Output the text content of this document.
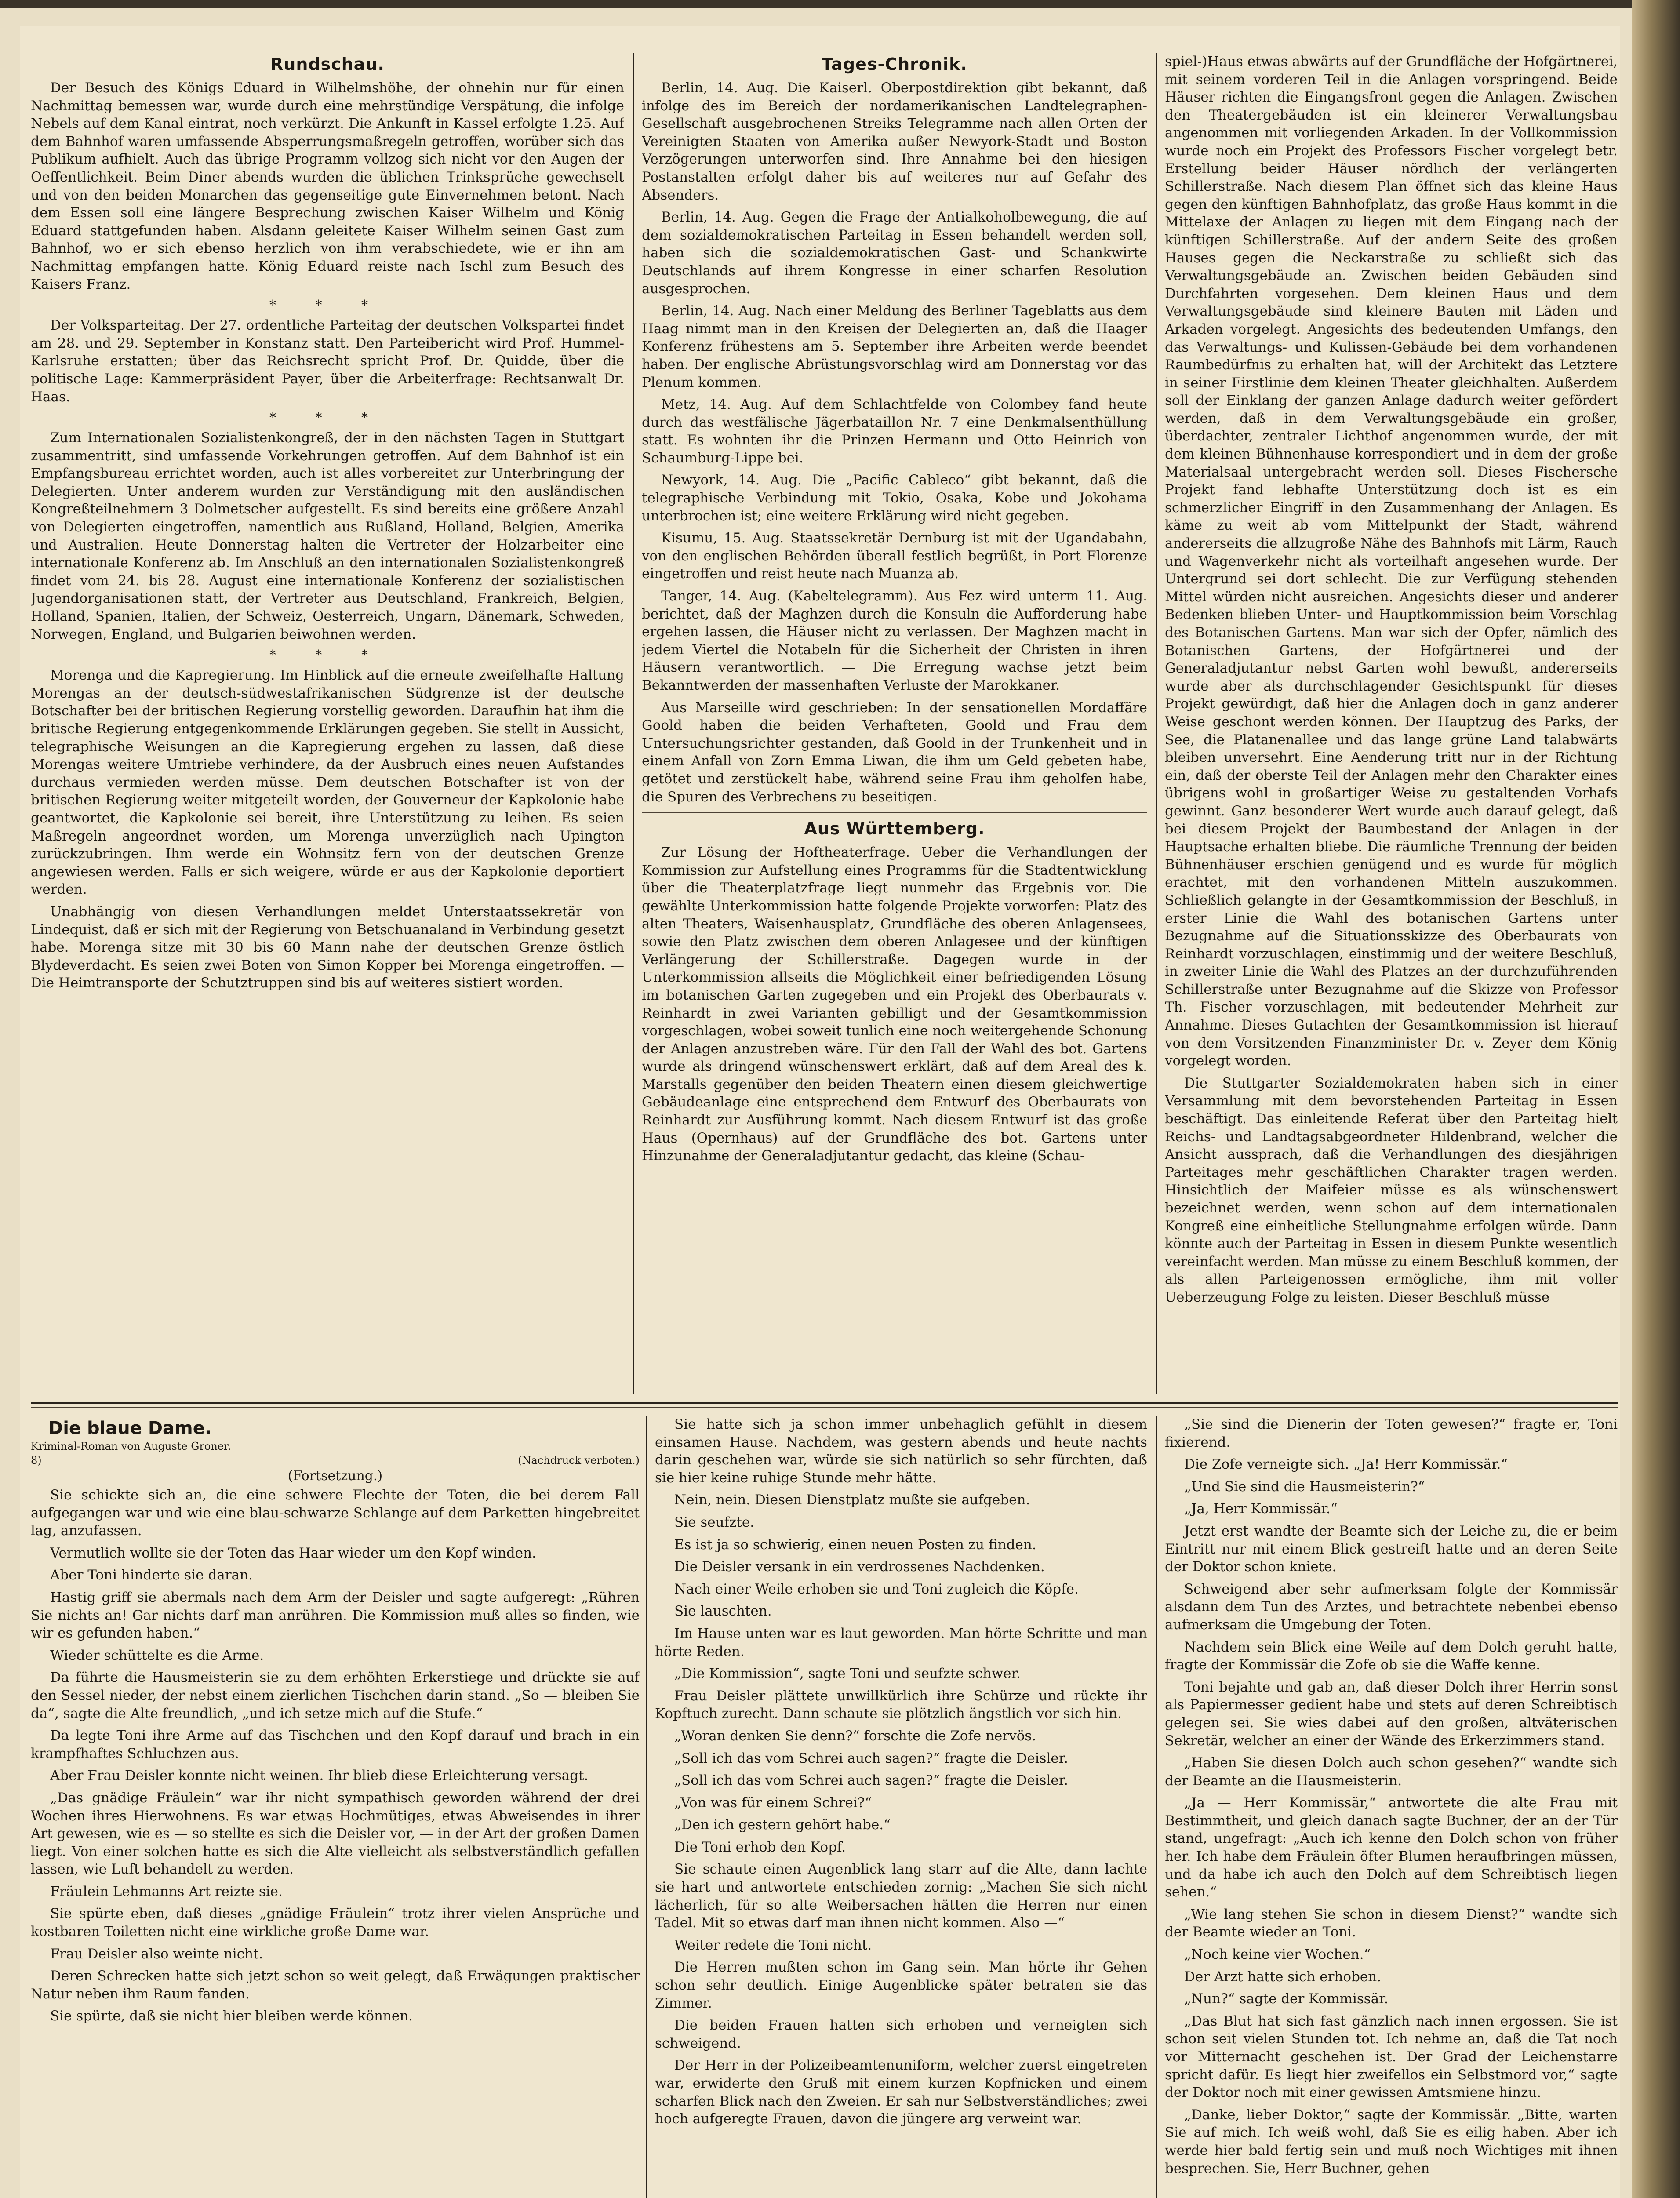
Rundschau.

Der Besuch des Königs Eduard in Wilhelmshöhe, der ohnehin nur für einen Nachmittag bemessen war, wurde durch eine mehrstündige Verspätung, die infolge Nebels auf dem Kanal eintrat, noch verkürzt. Die Ankunft in Kassel erfolgte 1.25. Auf dem Bahnhof waren umfassende Absperrungsmaßregeln getroffen, worüber sich das Publikum aufhielt. Auch das übrige Programm vollzog sich nicht vor den Augen der Oeffentlichkeit. Beim Diner abends wurden die üblichen Trinksprüche gewechselt und von den beiden Monarchen das gegenseitige gute Einvernehmen betont. Nach dem Essen soll eine längere Besprechung zwischen Kaiser Wilhelm und König Eduard stattgefunden haben. Alsdann geleitete Kaiser Wilhelm seinen Gast zum Bahnhof, wo er sich ebenso herzlich von ihm verabschiedete, wie er ihn am Nachmittag empfangen hatte. König Eduard reiste nach Ischl zum Besuch des Kaisers Franz.

* * *

Der Volksparteitag. Der 27. ordentliche Parteitag der deutschen Volkspartei findet am 28. und 29. September in Konstanz statt. Den Parteibericht wird Prof. Hummel-Karlsruhe erstatten; über das Reichsrecht spricht Prof. Dr. Quidde, über die politische Lage: Kammerpräsident Payer, über die Arbeiterfrage: Rechtsanwalt Dr. Haas.

* * *

Zum Internationalen Sozialistenkongreß, der in den nächsten Tagen in Stuttgart zusammentritt, sind umfassende Vorkehrungen getroffen. Auf dem Bahnhof ist ein Empfangsbureau errichtet worden, auch ist alles vorbereitet zur Unterbringung der Delegierten. Unter anderem wurden zur Verständigung mit den ausländischen Kongreßteilnehmern 3 Dolmetscher aufgestellt. Es sind bereits eine größere Anzahl von Delegierten eingetroffen, namentlich aus Rußland, Holland, Belgien, Amerika und Australien. Heute Donnerstag halten die Vertreter der Holzarbeiter eine internationale Konferenz ab. Im Anschluß an den internationalen Sozialistenkongreß findet vom 24. bis 28. August eine internationale Konferenz der sozialistischen Jugendorganisationen statt, der Vertreter aus Deutschland, Frankreich, Belgien, Holland, Spanien, Italien, der Schweiz, Oesterreich, Ungarn, Dänemark, Schweden, Norwegen, England, und Bulgarien beiwohnen werden.

* * *

Morenga und die Kapregierung. Im Hinblick auf die erneute zweifelhafte Haltung Morengas an der deutsch-südwestafrikanischen Südgrenze ist der deutsche Botschafter bei der britischen Regierung vorstellig geworden. Daraufhin hat ihm die britische Regierung entgegenkommende Erklärungen gegeben. Sie stellt in Aussicht, telegraphische Weisungen an die Kapregierung ergehen zu lassen, daß diese Morengas weitere Umtriebe verhindere, da der Ausbruch eines neuen Aufstandes durchaus vermieden werden müsse. Dem deutschen Botschafter ist von der britischen Regierung weiter mitgeteilt worden, der Gouverneur der Kapkolonie habe geantwortet, die Kapkolonie sei bereit, ihre Unterstützung zu leihen. Es seien Maßregeln angeordnet worden, um Morenga unverzüglich nach Upington zurückzubringen. Ihm werde ein Wohnsitz fern von der deutschen Grenze angewiesen werden. Falls er sich weigere, würde er aus der Kapkolonie deportiert werden.

Unabhängig von diesen Verhandlungen meldet Unterstaatssekretär von Lindequist, daß er sich mit der Regierung von Betschuanaland in Verbindung gesetzt habe. Morenga sitze mit 30 bis 60 Mann nahe der deutschen Grenze östlich Blydeverdacht. Es seien zwei Boten von Simon Kopper bei Morenga eingetroffen. — Die Heimtransporte der Schutztruppen sind bis auf weiteres sistiert worden.

Tages-Chronik.

Berlin, 14. Aug. Die Kaiserl. Oberpostdirektion gibt bekannt, daß infolge des im Bereich der nordamerikanischen Landtelegraphen-Gesellschaft ausgebrochenen Streiks Telegramme nach allen Orten der Vereinigten Staaten von Amerika außer Newyork-Stadt und Boston Verzögerungen unterworfen sind. Ihre Annahme bei den hiesigen Postanstalten erfolgt daher bis auf weiteres nur auf Gefahr des Absenders.

Berlin, 14. Aug. Gegen die Frage der Antialkoholbewegung, die auf dem sozialdemokratischen Parteitag in Essen behandelt werden soll, haben sich die sozialdemokratischen Gast- und Schankwirte Deutschlands auf ihrem Kongresse in einer scharfen Resolution ausgesprochen.

Berlin, 14. Aug. Nach einer Meldung des Berliner Tageblatts aus dem Haag nimmt man in den Kreisen der Delegierten an, daß die Haager Konferenz frühestens am 5. September ihre Arbeiten werde beendet haben. Der englische Abrüstungsvorschlag wird am Donnerstag vor das Plenum kommen.

Metz, 14. Aug. Auf dem Schlachtfelde von Colombey fand heute durch das westfälische Jägerbataillon Nr. 7 eine Denkmalsenthüllung statt. Es wohnten ihr die Prinzen Hermann und Otto Heinrich von Schaumburg-Lippe bei.

Newyork, 14. Aug. Die „Pacific Cableco“ gibt bekannt, daß die telegraphische Verbindung mit Tokio, Osaka, Kobe und Jokohama unterbrochen ist; eine weitere Erklärung wird nicht gegeben.

Kisumu, 15. Aug. Staatssekretär Dernburg ist mit der Ugandabahn, von den englischen Behörden überall festlich begrüßt, in Port Florenze eingetroffen und reist heute nach Muanza ab.

Tanger, 14. Aug. (Kabeltelegramm). Aus Fez wird unterm 11. Aug. berichtet, daß der Maghzen durch die Konsuln die Aufforderung habe ergehen lassen, die Häuser nicht zu verlassen. Der Maghzen macht in jedem Viertel die Notabeln für die Sicherheit der Christen in ihren Häusern verantwortlich. — Die Erregung wachse jetzt beim Bekanntwerden der massenhaften Verluste der Marokkaner.

Aus Marseille wird geschrieben: In der sensationellen Mordaffäre Goold haben die beiden Verhafteten, Goold und Frau dem Untersuchungsrichter gestanden, daß Goold in der Trunkenheit und in einem Anfall von Zorn Emma Liwan, die ihm um Geld gebeten habe, getötet und zerstückelt habe, während seine Frau ihm geholfen habe, die Spuren des Verbrechens zu beseitigen.

Aus Württemberg.

Zur Lösung der Hoftheaterfrage. Ueber die Verhandlungen der Kommission zur Aufstellung eines Programms für die Stadtentwicklung über die Theaterplatzfrage liegt nunmehr das Ergebnis vor. Die gewählte Unterkommission hatte folgende Projekte vorworfen: Platz des alten Theaters, Waisenhausplatz, Grundfläche des oberen Anlagensees, sowie den Platz zwischen dem oberen Anlagesee und der künftigen Verlängerung der Schillerstraße. Dagegen wurde in der Unterkommission allseits die Möglichkeit einer befriedigenden Lösung im botanischen Garten zugegeben und ein Projekt des Oberbaurats v. Reinhardt in zwei Varianten gebilligt und der Gesamtkommission vorgeschlagen, wobei soweit tunlich eine noch weitergehende Schonung der Anlagen anzustreben wäre. Für den Fall der Wahl des bot. Gartens wurde als dringend wünschenswert erklärt, daß auf dem Areal des k. Marstalls gegenüber den beiden Theatern einen diesem gleichwertige Gebäudeanlage eine entsprechend dem Entwurf des Oberbaurats von Reinhardt zur Ausführung kommt. Nach diesem Entwurf ist das große Haus (Opernhaus) auf der Grundfläche des bot. Gartens unter Hinzunahme der Generaladjutantur gedacht, das kleine (Schau-

spiel-)Haus etwas abwärts auf der Grundfläche der Hofgärtnerei, mit seinem vorderen Teil in die Anlagen vorspringend. Beide Häuser richten die Eingangsfront gegen die Anlagen. Zwischen den Theatergebäuden ist ein kleinerer Verwaltungsbau angenommen mit vorliegenden Arkaden. In der Vollkommission wurde noch ein Projekt des Professors Fischer vorgelegt betr. Erstellung beider Häuser nördlich der verlängerten Schillerstraße. Nach diesem Plan öffnet sich das kleine Haus gegen den künftigen Bahnhofplatz, das große Haus kommt in die Mittelaxe der Anlagen zu liegen mit dem Eingang nach der künftigen Schillerstraße. Auf der andern Seite des großen Hauses gegen die Neckarstraße zu schließt sich das Verwaltungsgebäude an. Zwischen beiden Gebäuden sind Durchfahrten vorgesehen. Dem kleinen Haus und dem Verwaltungsgebäude sind kleinere Bauten mit Läden und Arkaden vorgelegt. Angesichts des bedeutenden Umfangs, den das Verwaltungs- und Kulissen-Gebäude bei dem vorhandenen Raumbedürfnis zu erhalten hat, will der Architekt das Letztere in seiner Firstlinie dem kleinen Theater gleichhalten. Außerdem soll der Einklang der ganzen Anlage dadurch weiter gefördert werden, daß in dem Verwaltungsgebäude ein großer, überdachter, zentraler Lichthof angenommen wurde, der mit dem kleinen Bühnenhause korrespondiert und in dem der große Materialsaal untergebracht werden soll. Dieses Fischersche Projekt fand lebhafte Unterstützung doch ist es ein schmerzlicher Eingriff in den Zusammenhang der Anlagen. Es käme zu weit ab vom Mittelpunkt der Stadt, während andererseits die allzugroße Nähe des Bahnhofs mit Lärm, Rauch und Wagenverkehr nicht als vorteilhaft angesehen wurde. Der Untergrund sei dort schlecht. Die zur Verfügung stehenden Mittel würden nicht ausreichen. Angesichts dieser und anderer Bedenken blieben Unter- und Hauptkommission beim Vorschlag des Botanischen Gartens. Man war sich der Opfer, nämlich des Botanischen Gartens, der Hofgärtnerei und der Generaladjutantur nebst Garten wohl bewußt, andererseits wurde aber als durchschlagender Gesichtspunkt für dieses Projekt gewürdigt, daß hier die Anlagen doch in ganz anderer Weise geschont werden können. Der Hauptzug des Parks, der See, die Platanenallee und das lange grüne Land talabwärts bleiben unversehrt. Eine Aenderung tritt nur in der Richtung ein, daß der oberste Teil der Anlagen mehr den Charakter eines übrigens wohl in großartiger Weise zu gestaltenden Vorhafs gewinnt. Ganz besonderer Wert wurde auch darauf gelegt, daß bei diesem Projekt der Baumbestand der Anlagen in der Hauptsache erhalten bliebe. Die räumliche Trennung der beiden Bühnenhäuser erschien genügend und es wurde für möglich erachtet, mit den vorhandenen Mitteln auszukommen. Schließlich gelangte in der Gesamtkommission der Beschluß, in erster Linie die Wahl des botanischen Gartens unter Bezugnahme auf die Situationsskizze des Oberbaurats von Reinhardt vorzuschlagen, einstimmig und der weitere Beschluß, in zweiter Linie die Wahl des Platzes an der durchzuführenden Schillerstraße unter Bezugnahme auf die Skizze von Professor Th. Fischer vorzuschlagen, mit bedeutender Mehrheit zur Annahme. Dieses Gutachten der Gesamtkommission ist hierauf von dem Vorsitzenden Finanzminister Dr. v. Zeyer dem König vorgelegt worden.

Die Stuttgarter Sozialdemokraten haben sich in einer Versammlung mit dem bevorstehenden Parteitag in Essen beschäftigt. Das einleitende Referat über den Parteitag hielt Reichs- und Landtagsabgeordneter Hildenbrand, welcher die Ansicht aussprach, daß die Verhandlungen des diesjährigen Parteitages mehr geschäftlichen Charakter tragen werden. Hinsichtlich der Maifeier müsse es als wünschenswert bezeichnet werden, wenn schon auf dem internationalen Kongreß eine einheitliche Stellungnahme erfolgen würde. Dann könnte auch der Parteitag in Essen in diesem Punkte wesentlich vereinfacht werden. Man müsse zu einem Beschluß kommen, der als allen Parteigenossen ermögliche, ihm mit voller Ueberzeugung Folge zu leisten. Dieser Beschluß müsse

Die blaue Dame.
Kriminal-Roman von Auguste Groner.
8)	(Nachdruck verboten.)
(Fortsetzung.)

Sie schickte sich an, die eine schwere Flechte der Toten, die bei derem Fall aufgegangen war und wie eine blau-schwarze Schlange auf dem Parketten hingebreitet lag, anzufassen.

Vermutlich wollte sie der Toten das Haar wieder um den Kopf winden.

Aber Toni hinderte sie daran.

Hastig griff sie abermals nach dem Arm der Deisler und sagte aufgeregt: „Rühren Sie nichts an! Gar nichts darf man anrühren. Die Kommission muß alles so finden, wie wir es gefunden haben.“

Wieder schüttelte es die Arme.

Da führte die Hausmeisterin sie zu dem erhöhten Erkerstiege und drückte sie auf den Sessel nieder, der nebst einem zierlichen Tischchen darin stand. „So — bleiben Sie da“, sagte die Alte freundlich, „und ich setze mich auf die Stufe.“

Da legte Toni ihre Arme auf das Tischchen und den Kopf darauf und brach in ein krampfhaftes Schluchzen aus.

Aber Frau Deisler konnte nicht weinen. Ihr blieb diese Erleichterung versagt.

„Das gnädige Fräulein“ war ihr nicht sympathisch geworden während der drei Wochen ihres Hierwohnens. Es war etwas Hochmütiges, etwas Abweisendes in ihrer Art gewesen, wie es — so stellte es sich die Deisler vor, — in der Art der großen Damen liegt. Von einer solchen hatte es sich die Alte vielleicht als selbstverständlich gefallen lassen, wie Luft behandelt zu werden.

Fräulein Lehmanns Art reizte sie.

Sie spürte eben, daß dieses „gnädige Fräulein“ trotz ihrer vielen Ansprüche und kostbaren Toiletten nicht eine wirkliche große Dame war.

Frau Deisler also weinte nicht.

Deren Schrecken hatte sich jetzt schon so weit gelegt, daß Erwägungen praktischer Natur neben ihm Raum fanden.

Sie spürte, daß sie nicht hier bleiben werde können.

Sie hatte sich ja schon immer unbehaglich gefühlt in diesem einsamen Hause. Nachdem, was gestern abends und heute nachts darin geschehen war, würde sie sich natürlich so sehr fürchten, daß sie hier keine ruhige Stunde mehr hätte.

Nein, nein. Diesen Dienstplatz mußte sie aufgeben.

Sie seufzte.

Es ist ja so schwierig, einen neuen Posten zu finden.

Die Deisler versank in ein verdrossenes Nachdenken.

Nach einer Weile erhoben sie und Toni zugleich die Köpfe.

Sie lauschten.

Im Hause unten war es laut geworden. Man hörte Schritte und man hörte Reden.

„Die Kommission“, sagte Toni und seufzte schwer.

Frau Deisler plättete unwillkürlich ihre Schürze und rückte ihr Kopftuch zurecht. Dann schaute sie plötzlich ängstlich vor sich hin.

„Woran denken Sie denn?“ forschte die Zofe nervös.

„Soll ich das vom Schrei auch sagen?“ fragte die Deisler.

„Soll ich das vom Schrei auch sagen?“ fragte die Deisler.

„Von was für einem Schrei?“

„Den ich gestern gehört habe.“

Die Toni erhob den Kopf.

Sie schaute einen Augenblick lang starr auf die Alte, dann lachte sie hart und antwortete entschieden zornig: „Machen Sie sich nicht lächerlich, für so alte Weibersachen hätten die Herren nur einen Tadel. Mit so etwas darf man ihnen nicht kommen. Also —“

Weiter redete die Toni nicht.

Die Herren mußten schon im Gang sein. Man hörte ihr Gehen schon sehr deutlich. Einige Augenblicke später betraten sie das Zimmer.

Die beiden Frauen hatten sich erhoben und verneigten sich schweigend.

Der Herr in der Polizeibeamtenuniform, welcher zuerst eingetreten war, erwiderte den Gruß mit einem kurzen Kopfnicken und einem scharfen Blick nach den Zweien. Er sah nur Selbstverständliches; zwei hoch aufgeregte Frauen, davon die jüngere arg verweint war.

„Sie sind die Dienerin der Toten gewesen?“ fragte er, Toni fixierend.

Die Zofe verneigte sich. „Ja! Herr Kommissär.“

„Und Sie sind die Hausmeisterin?“

„Ja, Herr Kommissär.“

Jetzt erst wandte der Beamte sich der Leiche zu, die er beim Eintritt nur mit einem Blick gestreift hatte und an deren Seite der Doktor schon kniete.

Schweigend aber sehr aufmerksam folgte der Kommissär alsdann dem Tun des Arztes, und betrachtete nebenbei ebenso aufmerksam die Umgebung der Toten.

Nachdem sein Blick eine Weile auf dem Dolch geruht hatte, fragte der Kommissär die Zofe ob sie die Waffe kenne.

Toni bejahte und gab an, daß dieser Dolch ihrer Herrin sonst als Papiermesser gedient habe und stets auf deren Schreibtisch gelegen sei. Sie wies dabei auf den großen, altväterischen Sekretär, welcher an einer der Wände des Erkerzimmers stand.

„Haben Sie diesen Dolch auch schon gesehen?“ wandte sich der Beamte an die Hausmeisterin.

„Ja — Herr Kommissär,“ antwortete die alte Frau mit Bestimmtheit, und gleich danach sagte Buchner, der an der Tür stand, ungefragt: „Auch ich kenne den Dolch schon von früher her. Ich habe dem Fräulein öfter Blumen heraufbringen müssen, und da habe ich auch den Dolch auf dem Schreibtisch liegen sehen.“

„Wie lang stehen Sie schon in diesem Dienst?“ wandte sich der Beamte wieder an Toni.

„Noch keine vier Wochen.“

Der Arzt hatte sich erhoben.

„Nun?“ sagte der Kommissär.

„Das Blut hat sich fast gänzlich nach innen ergossen. Sie ist schon seit vielen Stunden tot. Ich nehme an, daß die Tat noch vor Mitternacht geschehen ist. Der Grad der Leichenstarre spricht dafür. Es liegt hier zweifellos ein Selbstmord vor,“ sagte der Doktor noch mit einer gewissen Amtsmiene hinzu.

„Danke, lieber Doktor,“ sagte der Kommissär. „Bitte, warten Sie auf mich. Ich weiß wohl, daß Sie es eilig haben. Aber ich werde hier bald fertig sein und muß noch Wichtiges mit ihnen besprechen. Sie, Herr Buchner, gehen
